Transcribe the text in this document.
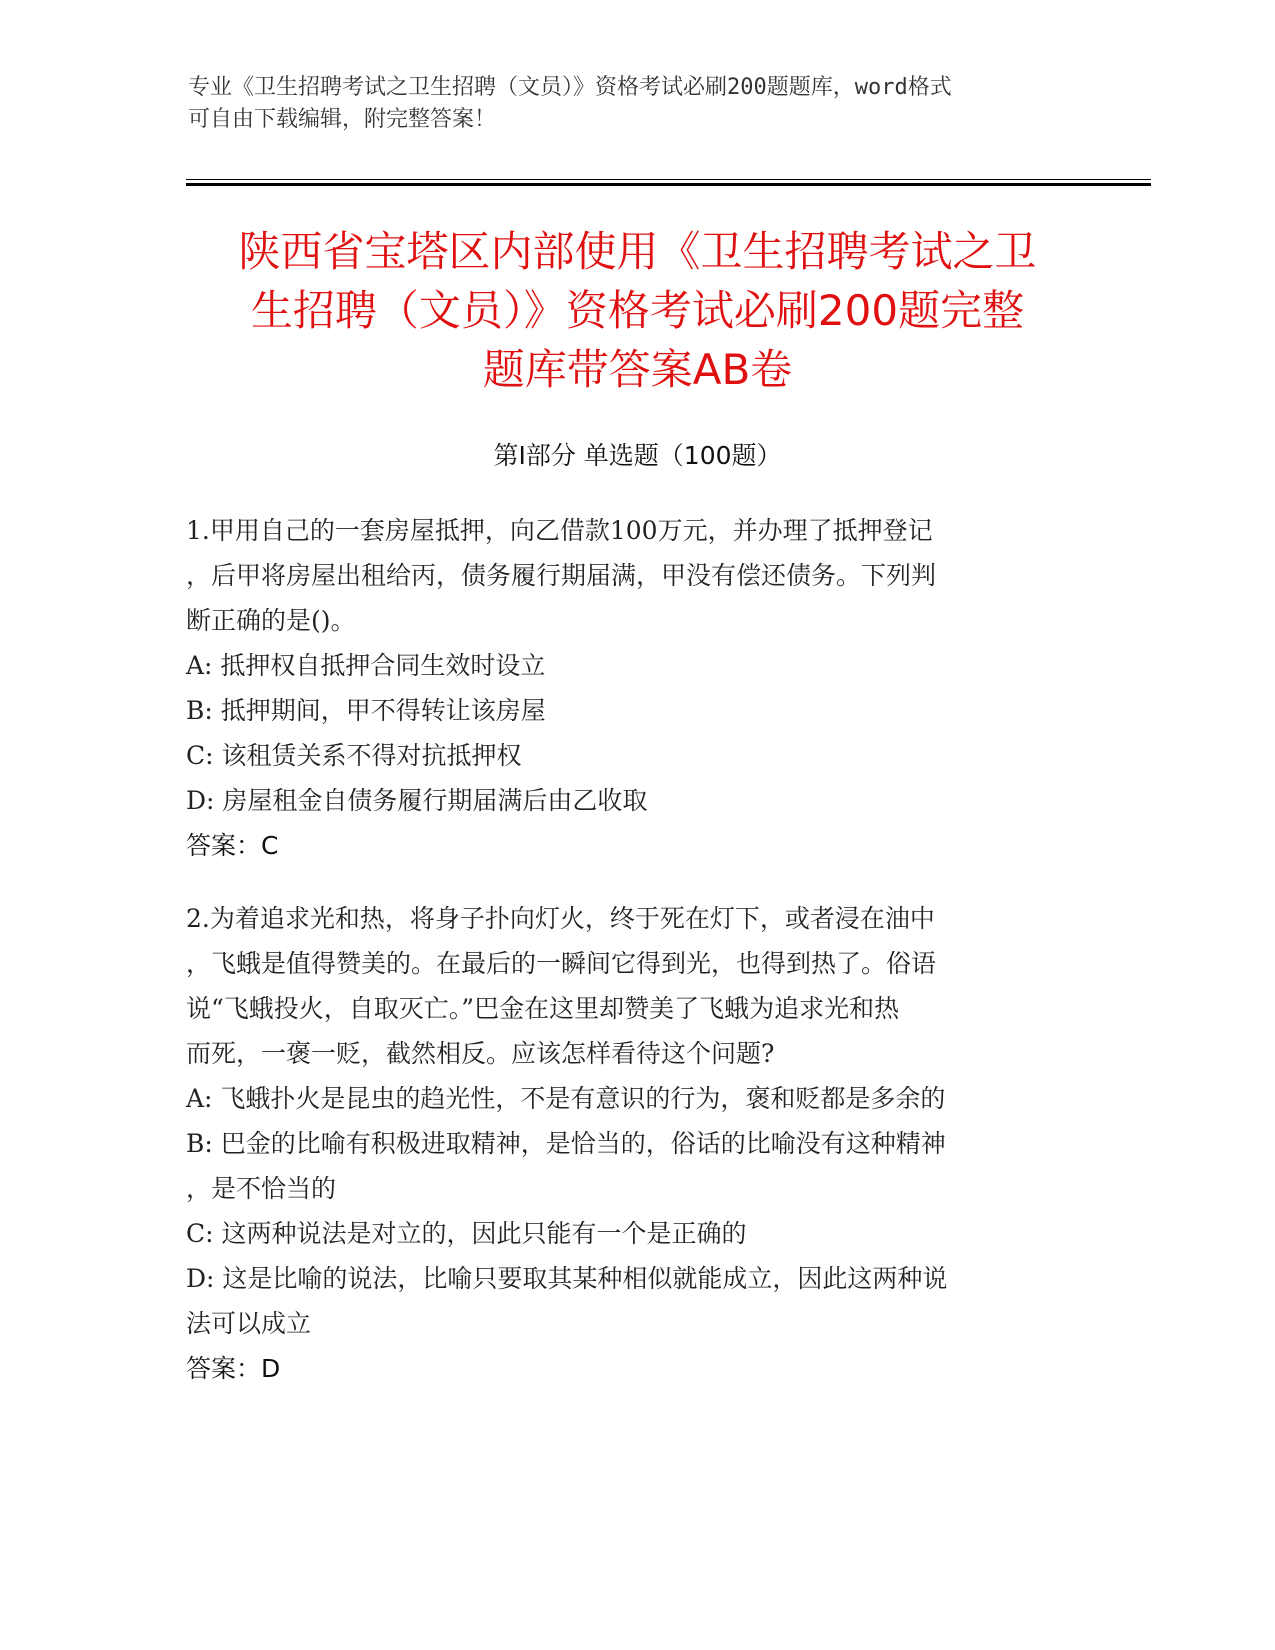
专业《卫生招聘考试之卫生招聘（文员）》资格考试必刷200题题库，word格式
可自由下载编辑，附完整答案！
陕西省宝塔区内部使用《卫生招聘考试之卫
生招聘（文员）》资格考试必刷200题完整
题库带答案AB卷
第Ⅰ部分 单选题（100题）

1.甲用自己的一套房屋抵押，向乙借款100万元，并办理了抵押登记

，后甲将房屋出租给丙，债务履行期届满，甲没有偿还债务。下列判

断正确的是()。

A: 抵押权自抵押合同生效时设立

B: 抵押期间，甲不得转让该房屋

C: 该租赁关系不得对抗抵押权

D: 房屋租金自债务履行期届满后由乙收取

答案：C

2.为着追求光和热，将身子扑向灯火，终于死在灯下，或者浸在油中

，飞蛾是值得赞美的。在最后的一瞬间它得到光，也得到热了。俗语

说“飞蛾投火，自取灭亡。”巴金在这里却赞美了飞蛾为追求光和热

而死，一褒一贬，截然相反。应该怎样看待这个问题?

A: 飞蛾扑火是昆虫的趋光性，不是有意识的行为，褒和贬都是多余的

B: 巴金的比喻有积极进取精神，是恰当的，俗话的比喻没有这种精神

，是不恰当的

C: 这两种说法是对立的，因此只能有一个是正确的

D: 这是比喻的说法，比喻只要取其某种相似就能成立，因此这两种说

法可以成立

答案：D
